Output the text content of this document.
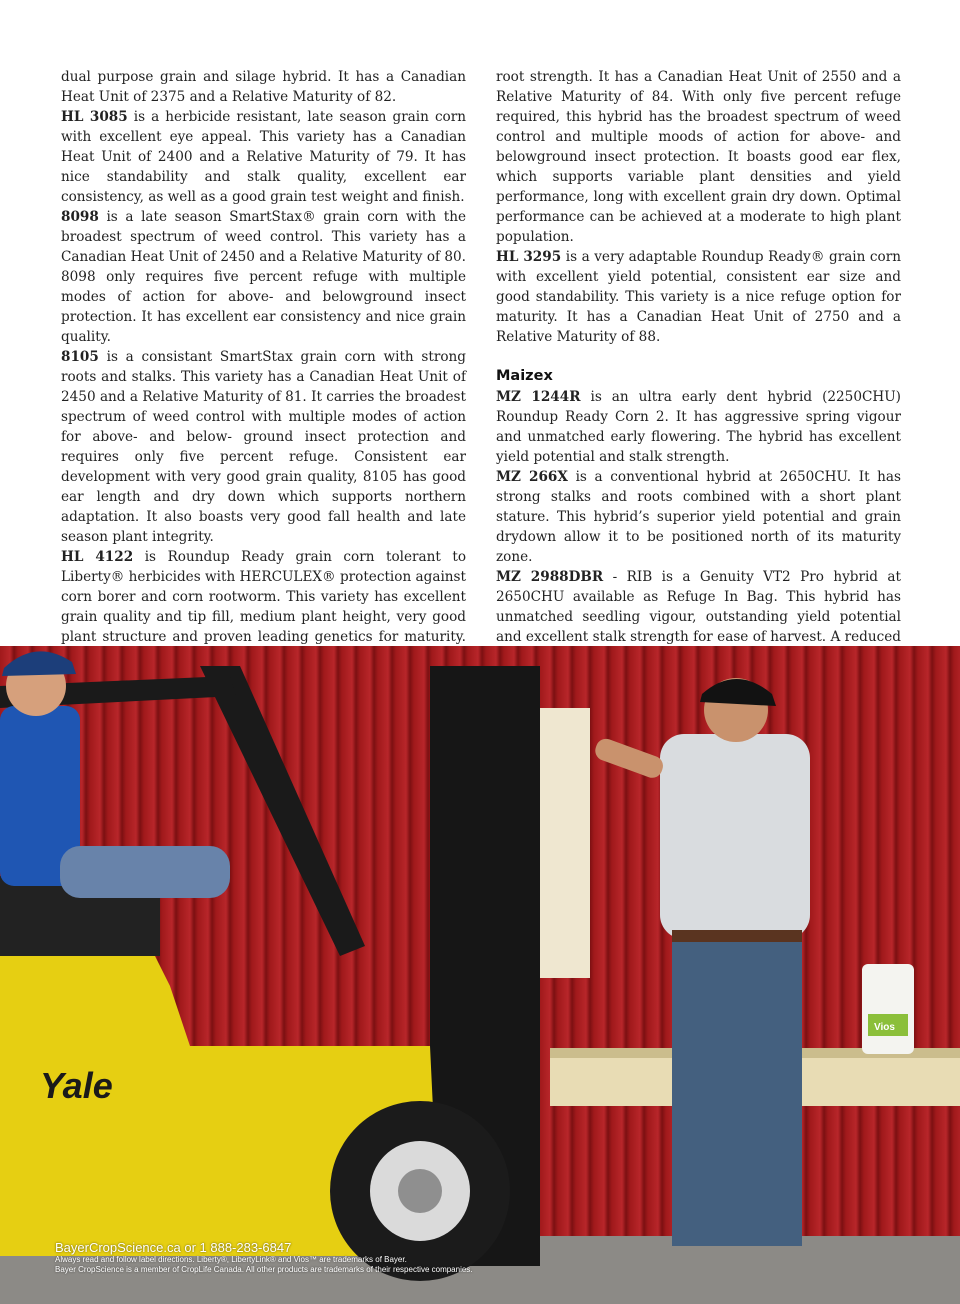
dual purpose grain and silage hybrid. It has a Canadian Heat Unit of 2375 and a Relative Maturity of 82.

HL 3085 is a herbicide resistant, late season grain corn with excellent eye appeal. This variety has a Canadian Heat Unit of 2400 and a Relative Maturity of 79. It has nice standability and stalk quality, excellent ear consistency, as well as a good grain test weight and finish.

8098 is a late season SmartStax® grain corn with the broadest spectrum of weed control. This variety has a Canadian Heat Unit of 2450 and a Relative Maturity of 80. 8098 only requires five percent refuge with multiple modes of action for above- and belowground insect protection. It has excellent ear consistency and nice grain quality.

8105 is a consistant SmartStax grain corn with strong roots and stalks. This variety has a Canadian Heat Unit of 2450 and a Relative Maturity of 81. It carries the broadest spectrum of weed control with multiple modes of action for above- and below- ground insect protection and requires only five percent refuge. Consistent ear development with very good grain quality, 8105 has good ear length and dry down which supports northern adaptation. It also boasts very good fall health and late season plant integrity.

HL 4122 is Roundup Ready grain corn tolerant to Liberty® herbicides with HERCULEX® protection against corn borer and corn rootworm. This variety has excellent grain quality and tip fill, medium plant height, very good plant structure and proven leading genetics for maturity.

root strength. It has a Canadian Heat Unit of 2550 and a Relative Maturity of 84. With only five percent refuge required, this hybrid has the broadest spectrum of weed control and multiple moods of action for above- and belowground insect protection. It boasts good ear flex, which supports variable plant densities and yield performance, long with excellent grain dry down. Optimal performance can be achieved at a moderate to high plant population.

HL 3295 is a very adaptable Roundup Ready® grain corn with excellent yield potential, consistent ear size and good standability. This variety is a nice refuge option for maturity. It has a Canadian Heat Unit of 2750 and a Relative Maturity of 88.

Maizex

MZ 1244R is an ultra early dent hybrid (2250CHU) Roundup Ready Corn 2. It has aggressive spring vigour and unmatched early flowering. The hybrid has excellent yield potential and stalk strength.

MZ 266X is a conventional hybrid at 2650CHU. It has strong stalks and roots combined with a short plant stature. This hybrid’s superior yield potential and grain drydown allow it to be positioned north of its maturity zone.

MZ 2988DBR - RIB is a Genuity VT2 Pro hybrid at 2650CHU available as Refuge In Bag. This hybrid has unmatched seedling vigour, outstanding yield potential and excellent stalk strength for ease of harvest. A reduced

Vios
Yale

BayerCropScience.ca or 1 888-283-6847

Always read and follow label directions. Liberty®, LibertyLink® and Vios™ are trademarks of Bayer.

Bayer CropScience is a member of CropLife Canada. All other products are trademarks of their respective companies.
